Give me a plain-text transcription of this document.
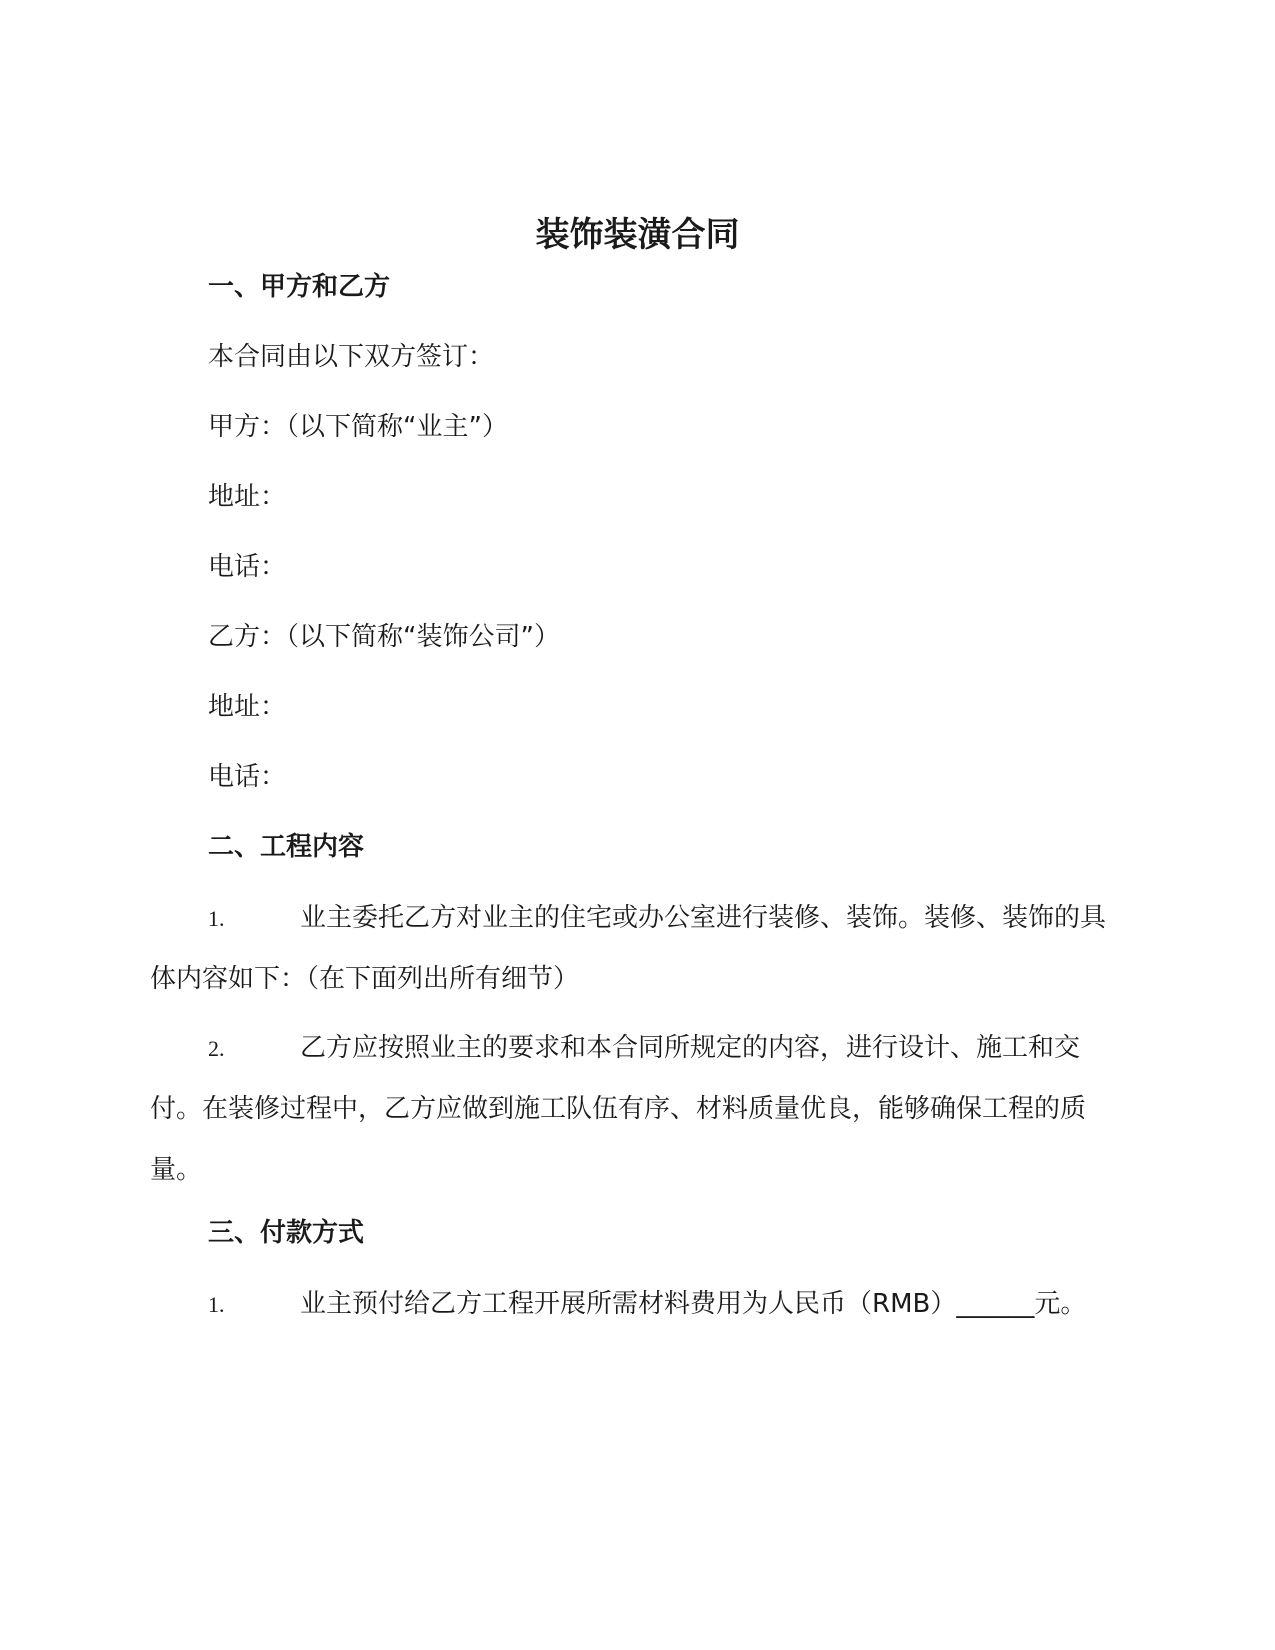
装饰装潢合同
一、甲方和乙方
本合同由以下双方签订：
甲方：（以下简称“业主”）
地址：
电话：
乙方：（以下简称“装饰公司”）
地址：
电话：
二、工程内容
1.	业主委托乙方对业主的住宅或办公室进行装修、装饰。装修、装饰的具体内容如下：（在下面列出所有细节）
2.	乙方应按照业主的要求和本合同所规定的内容，进行设计、施工和交付。在装修过程中，乙方应做到施工队伍有序、材料质量优良，能够确保工程的质量。
三、付款方式
1.	业主预付给乙方工程开展所需材料费用为人民币（RMB）______元。
